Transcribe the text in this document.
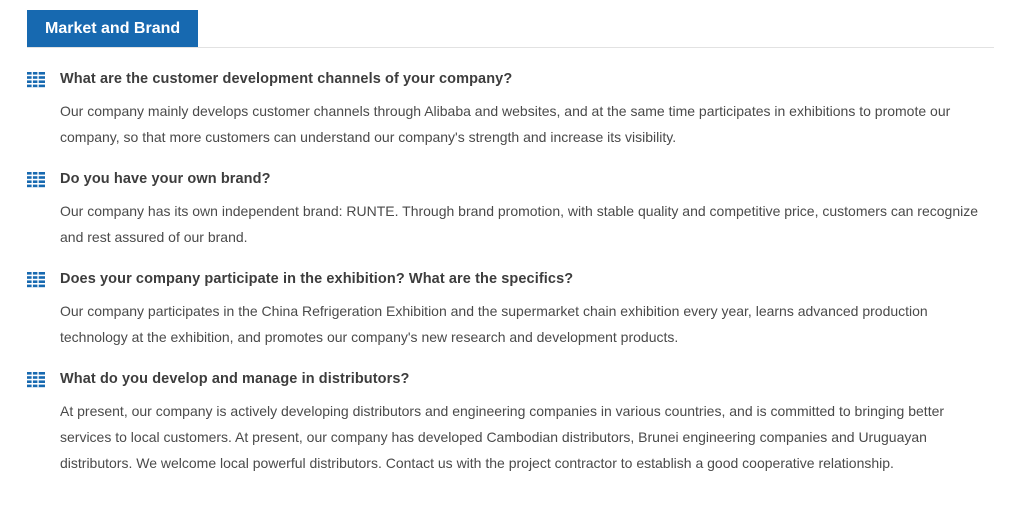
Market and Brand
What are the customer development channels of your company?
Our company mainly develops customer channels through Alibaba and websites, and at the same time participates in exhibitions to promote our company, so that more customers can understand our company's strength and increase its visibility.
Do you have your own brand?
Our company has its own independent brand: RUNTE. Through brand promotion, with stable quality and competitive price, customers can recognize and rest assured of our brand.
Does your company participate in the exhibition? What are the specifics?
Our company participates in the China Refrigeration Exhibition and the supermarket chain exhibition every year, learns advanced production technology at the exhibition, and promotes our company's new research and development products.
What do you develop and manage in distributors?
At present, our company is actively developing distributors and engineering companies in various countries, and is committed to bringing better services to local customers. At present, our company has developed Cambodian distributors, Brunei engineering companies and Uruguayan distributors. We welcome local powerful distributors. Contact us with the project contractor to establish a good cooperative relationship.
